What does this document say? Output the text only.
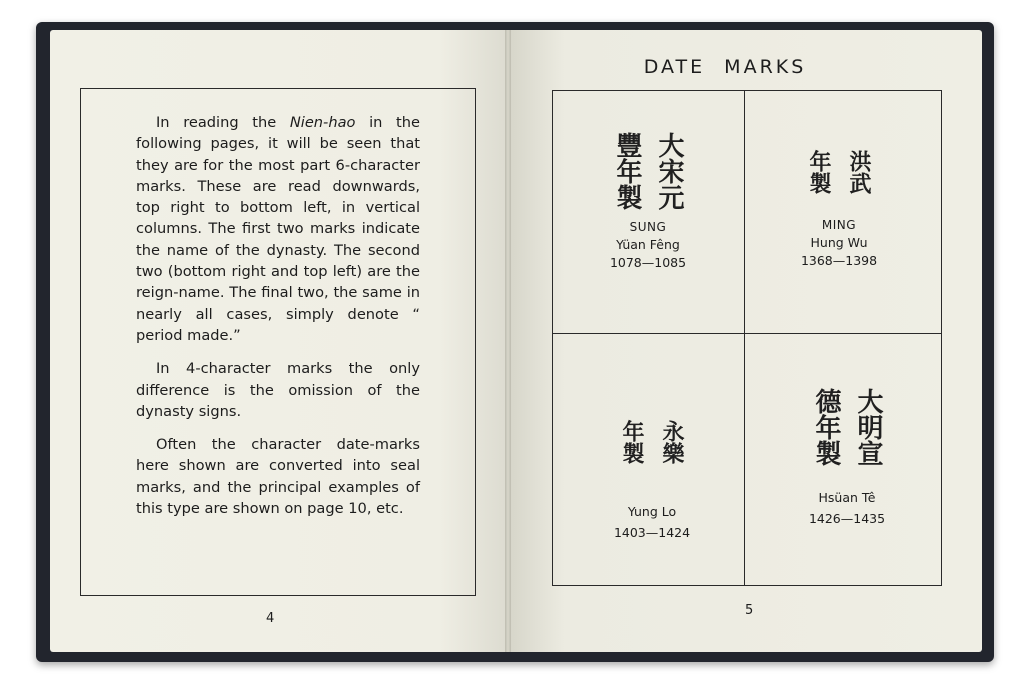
In reading the Nien-hao in the following pages, it will be seen that they are for the most part 6-character marks. These are read downwards, top right to bottom left, in vertical columns. The first two marks indicate the name of the dynasty. The second two (bottom right and top left) are the reign-name. The final two, the same in nearly all cases, simply denote “ period made.”

In 4-character marks the only difference is the omission of the dynasty signs.

Often the character date-marks here shown are converted into seal marks, and the principal examples of this type are shown on page 10, etc.

4
DATE MARKS
大宋元
豐年製
SUNG
Yüan Fêng
1078—1085
洪武
年製
MING
Hung Wu
1368—1398
永樂
年製
Yung Lo
1403—1424
大明宣
德年製
Hsüan Tê
1426—1435
5
